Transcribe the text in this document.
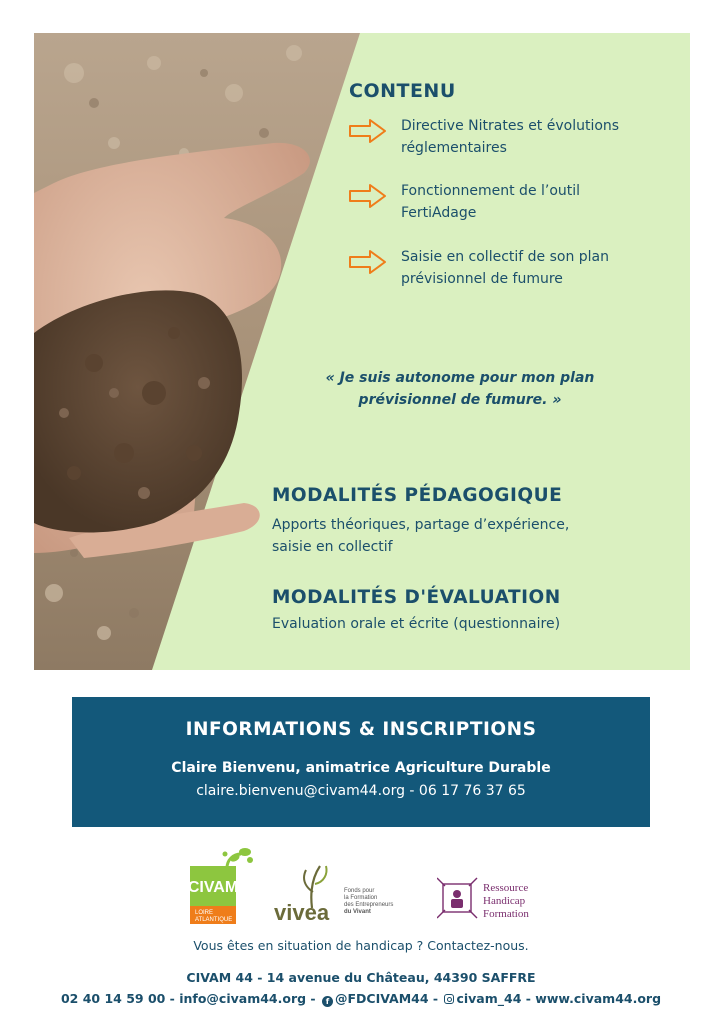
CONTENU
Directive Nitrates et évolutions
réglementaires
Fonctionnement de l’outil
FertiAdage
Saisie en collectif de son plan
prévisionnel de fumure
« Je suis autonome pour mon plan
prévisionnel de fumure. »
MODALITÉS PÉDAGOGIQUE
Apports théoriques, partage d’expérience,
saisie en collectif
MODALITÉS D'ÉVALUATION
Evaluation orale et écrite (questionnaire)
INFORMATIONS & INSCRIPTIONS
Claire Bienvenu, animatrice Agriculture Durable
claire.bienvenu@civam44.org - 06 17 76 37 65
CIVAM
LOIRE
ATLANTIQUE vivea
Fonds pour
la Formation
des Entrepreneurs
du Vivant
Ressource
Handicap
Formation
Vous êtes en situation de handicap ? Contactez-nous.
CIVAM 44 - 14 avenue du Château, 44390 SAFFRE
02 40 14 59 00 - info@civam44.org - f @FDCIVAM44 - civam_44 - www.civam44.org
